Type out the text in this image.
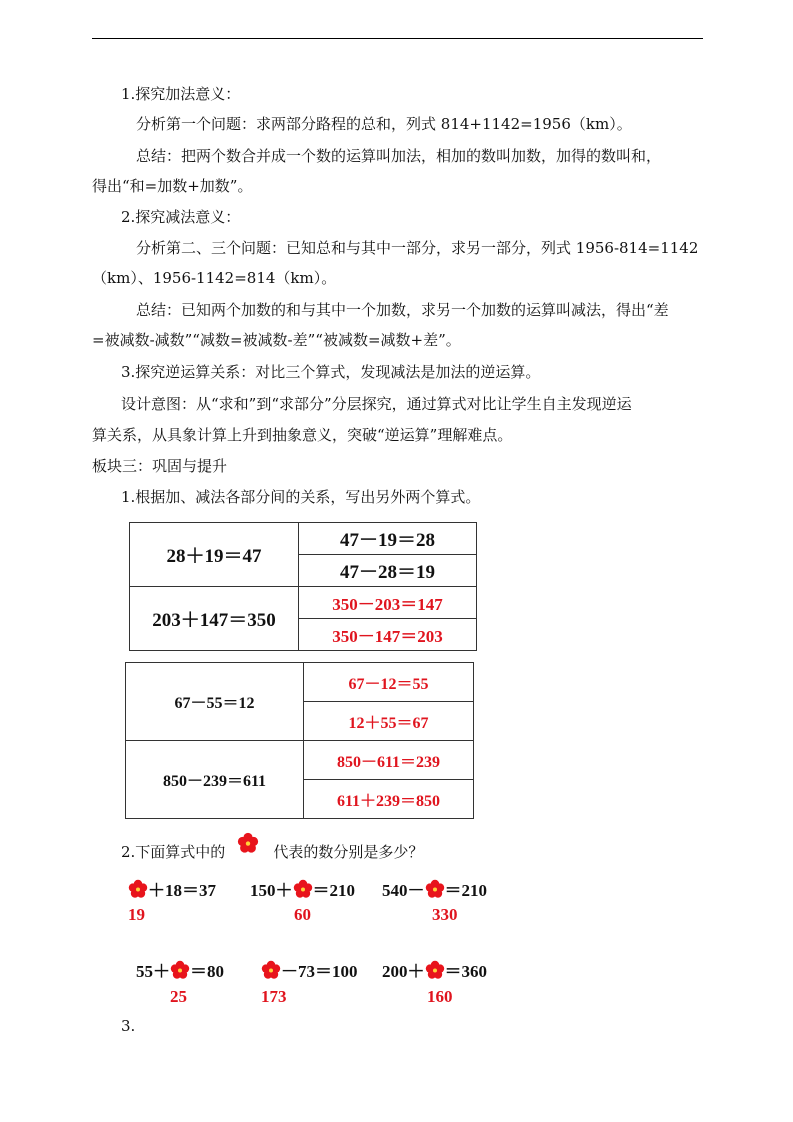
1.探究加法意义：
分析第一个问题：求两部分路程的总和，列式 814+1142=1956（km）。
总结：把两个数合并成一个数的运算叫加法，相加的数叫加数，加得的数叫和，
得出“和=加数+加数”。
2.探究减法意义：
分析第二、三个问题：已知总和与其中一部分，求另一部分，列式 1956-814=1142
（km）、1956-1142=814（km）。
总结：已知两个加数的和与其中一个加数，求另一个加数的运算叫减法，得出“差
=被减数-减数”“减数=被减数-差”“被减数=减数+差”。
3.探究逆运算关系：对比三个算式，发现减法是加法的逆运算。
设计意图：从“求和”到“求部分”分层探究，通过算式对比让学生自主发现逆运
算关系，从具象计算上升到抽象意义，突破“逆运算”理解难点。
板块三：巩固与提升
1.根据加、减法各部分间的关系，写出另外两个算式。
28＋19＝47	47－19＝28
	47－28＝19
203＋147＝350	350－203＝147
	350－147＝203
67－55＝12	67－12＝55
	12＋55＝67
850－239＝611	850－611＝239
	611＋239＝850
2.下面算式中的	代表的数分别是多少？
＋18＝37
19
150＋ ＝210
60
540－ ＝210
330
55＋ ＝80
25
－73＝100
173
200＋ ＝360
160
3.
